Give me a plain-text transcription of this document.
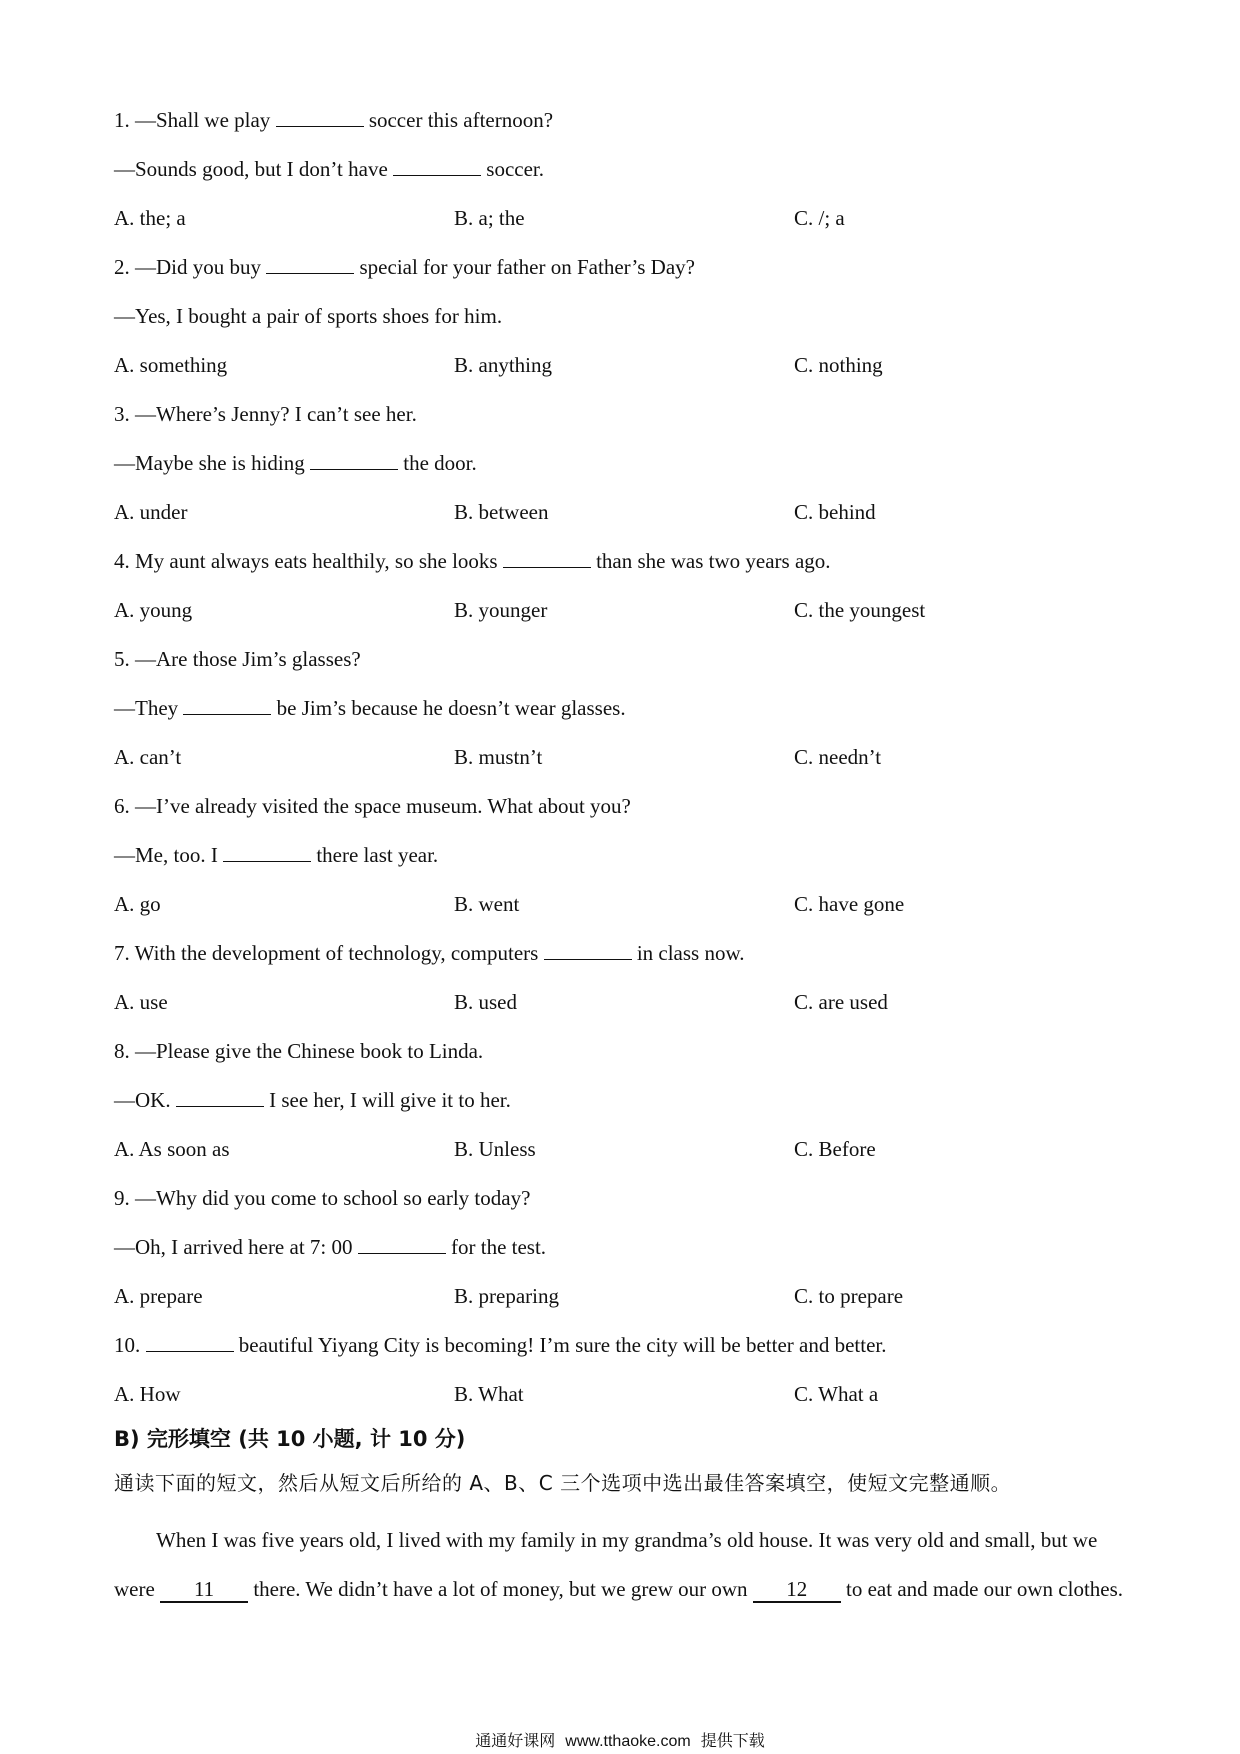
1. —Shall we play	soccer this afternoon?
—Sounds good, but I don’t have	soccer.
A. the; a	B. a; the	C. /; a
2. —Did you buy	special for your father on Father’s Day?
—Yes, I bought a pair of sports shoes for him.
A. something	B. anything	C. nothing
3. —Where’s Jenny? I can’t see her.
—Maybe she is hiding	the door.
A. under	B. between	C. behind
4. My aunt always eats healthily, so she looks	than she was two years ago.
A. young	B. younger	C. the youngest
5. —Are those Jim’s glasses?
—They	be Jim’s because he doesn’t wear glasses.
A. can’t	B. mustn’t	C. needn’t
6. —I’ve already visited the space museum. What about you?
—Me, too. I	there last year.
A. go	B. went	C. have gone
7. With the development of technology, computers	in class now.
A. use	B. used	C. are used
8. —Please give the Chinese book to Linda.
—OK.	I see her, I will give it to her.
A. As soon as	B. Unless	C. Before
9. —Why did you come to school so early today?
—Oh, I arrived here at 7: 00	for the test.
A. prepare	B. preparing	C. to prepare
10.	beautiful Yiyang City is becoming! I’m sure the city will be better and better.
A. How	B. What	C. What a
B) 完形填空 (共 10 小题, 计 10 分)
通读下面的短文，然后从短文后所给的 A、B、C 三个选项中选出最佳答案填空，使短文完整通顺。
When I was five years old, I lived with my family in my grandma’s old house. It was very old and small, but we
were 11 there. We didn’t have a lot of money, but we grew our own 12 to eat and made our own clothes.
通通好课网 www.tthaoke.com 提供下载
